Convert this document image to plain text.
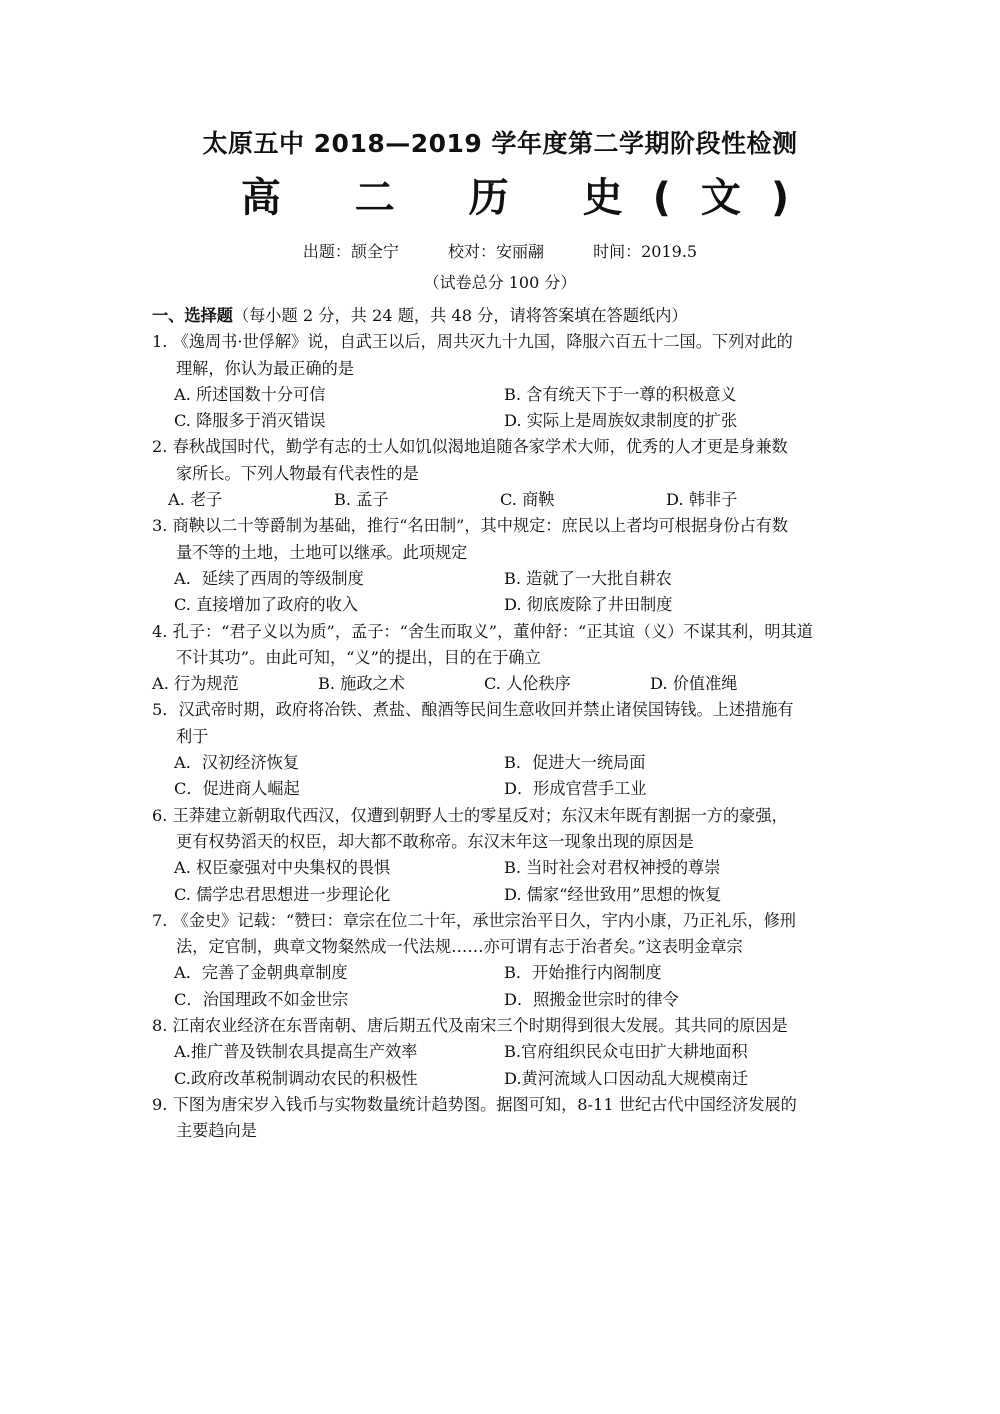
太原五中 2018—2019 学年度第二学期阶段性检测
高 二 历 史(文)
出题：颉全宁	校对：安丽翮	时间：2019.5
（试卷总分 100 分）
一、选择题（每小题 2 分，共 24 题，共 48 分，请将答案填在答题纸内）
1. 《逸周书·世俘解》说，自武王以后，周共灭九十九国，降服六百五十二国。下列对此的
理解，你认为最正确的是
A. 所述国数十分可信	B. 含有统天下于一尊的积极意义
C. 降服多于消灭错误	D. 实际上是周族奴隶制度的扩张
2. 春秋战国时代，勤学有志的士人如饥似渴地追随各家学术大师，优秀的人才更是身兼数
家所长。下列人物最有代表性的是
A. 老子	B. 孟子	C. 商鞅	D. 韩非子
3. 商鞅以二十等爵制为基础，推行“名田制”，其中规定：庶民以上者均可根据身份占有数
量不等的土地，土地可以继承。此项规定
A．延续了西周的等级制度	B. 造就了一大批自耕农
C. 直接增加了政府的收入	D. 彻底废除了井田制度
4. 孔子：“君子义以为质”，孟子：“舍生而取义”，董仲舒：“正其谊（义）不谋其利，明其道
不计其功”。由此可知，“义”的提出，目的在于确立
A. 行为规范	B. 施政之术	C. 人伦秩序	D. 价值准绳
5．汉武帝时期，政府将冶铁、煮盐、酿酒等民间生意收回并禁止诸侯国铸钱。上述措施有
利于
A．汉初经济恢复	B．促进大一统局面
C．促进商人崛起	D．形成官营手工业
6. 王莽建立新朝取代西汉，仅遭到朝野人士的零星反对；东汉末年既有割据一方的豪强，
更有权势滔天的权臣，却大都不敢称帝。东汉末年这一现象出现的原因是
A. 权臣豪强对中央集权的畏惧	B. 当时社会对君权神授的尊崇
C. 儒学忠君思想进一步理论化	D. 儒家“经世致用”思想的恢复
7. 《金史》记载：“赞曰：章宗在位二十年，承世宗治平日久，宇内小康，乃正礼乐，修刑
法，定官制，典章文物粲然成一代法规……亦可谓有志于治者矣。”这表明金章宗
A．完善了金朝典章制度	B．开始推行内阁制度
C．治国理政不如金世宗	D．照搬金世宗时的律令
8. 江南农业经济在东晋南朝、唐后期五代及南宋三个时期得到很大发展。其共同的原因是
A.推广普及铁制农具提高生产效率	B.官府组织民众屯田扩大耕地面积
C.政府改革税制调动农民的积极性	D.黄河流域人口因动乱大规模南迁
9. 下图为唐宋岁入钱币与实物数量统计趋势图。据图可知，8-11 世纪古代中国经济发展的
主要趋向是
